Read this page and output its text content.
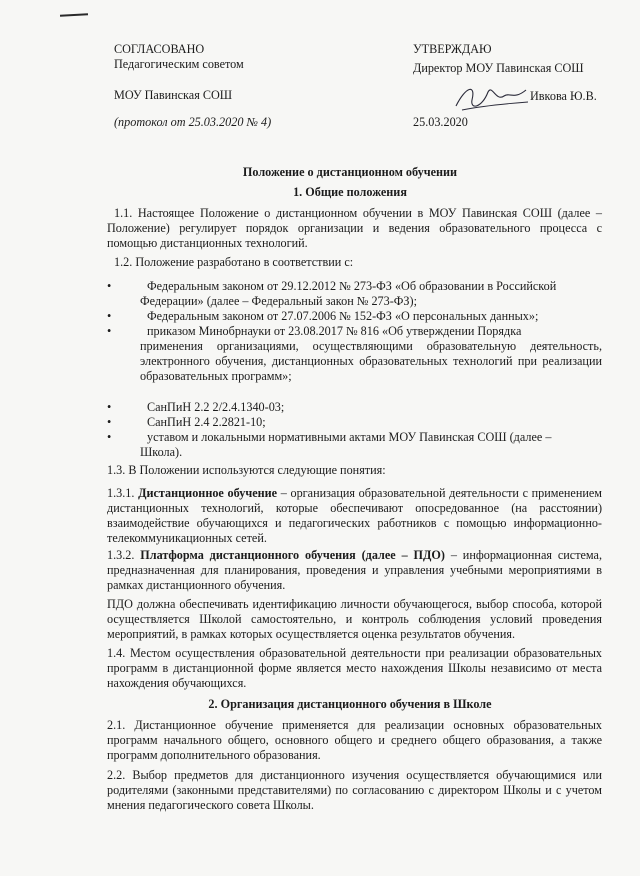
СОГЛАСОВАНО
Педагогическим советом
МОУ Павинская СОШ
(протокол от 25.03.2020 № 4)
УТВЕРЖДАЮ
Директор МОУ Павинская СОШ
Ивкова Ю.В.
25.03.2020
Положение о дистанционном обучении
1. Общие положения
1.1. Настоящее Положение о дистанционном обучении в МОУ Павинская СОШ (далее – Положение) регулирует порядок организации и ведения образовательного процесса с помощью дистанционных технологий.
1.2. Положение разработано в соответствии с:
•	Федеральным законом от 29.12.2012 № 273-ФЗ «Об образовании в Российской
Федерации» (далее – Федеральный закон № 273-ФЗ);
•	Федеральным законом от 27.07.2006 № 152-ФЗ «О персональных данных»;
•	приказом Минобрнауки от 23.08.2017 № 816 «Об утверждении Порядка
применения организациями, осуществляющими образовательную деятельность, электронного обучения, дистанционных образовательных технологий при реализации образовательных программ»;
•	СанПиН 2.2 2/2.4.1340-03;
•	СанПиН 2.4 2.2821-10;
•	уставом и локальными нормативными актами МОУ Павинская СОШ (далее –
Школа).
1.3. В Положении используются следующие понятия:
1.3.1. Дистанционное обучение – организация образовательной деятельности с применением дистанционных технологий, которые обеспечивают опосредованное (на расстоянии) взаимодействие обучающихся и педагогических работников с помощью информационно-телекоммуникационных сетей.
1.3.2. Платформа дистанционного обучения (далее – ПДО) – информационная система, предназначенная для планирования, проведения и управления учебными мероприятиями в рамках дистанционного обучения.
ПДО должна обеспечивать идентификацию личности обучающегося, выбор способа, которой осуществляется Школой самостоятельно, и контроль соблюдения условий проведения мероприятий, в рамках которых осуществляется оценка результатов обучения.
1.4. Местом осуществления образовательной деятельности при реализации образовательных программ в дистанционной форме является место нахождения Школы независимо от места нахождения обучающихся.
2. Организация дистанционного обучения в Школе
2.1. Дистанционное обучение применяется для реализации основных образовательных программ начального общего, основного общего и среднего общего образования, а также программ дополнительного образования.
2.2. Выбор предметов для дистанционного изучения осуществляется обучающимися или родителями (законными представителями) по согласованию с директором Школы и с учетом мнения педагогического совета Школы.
